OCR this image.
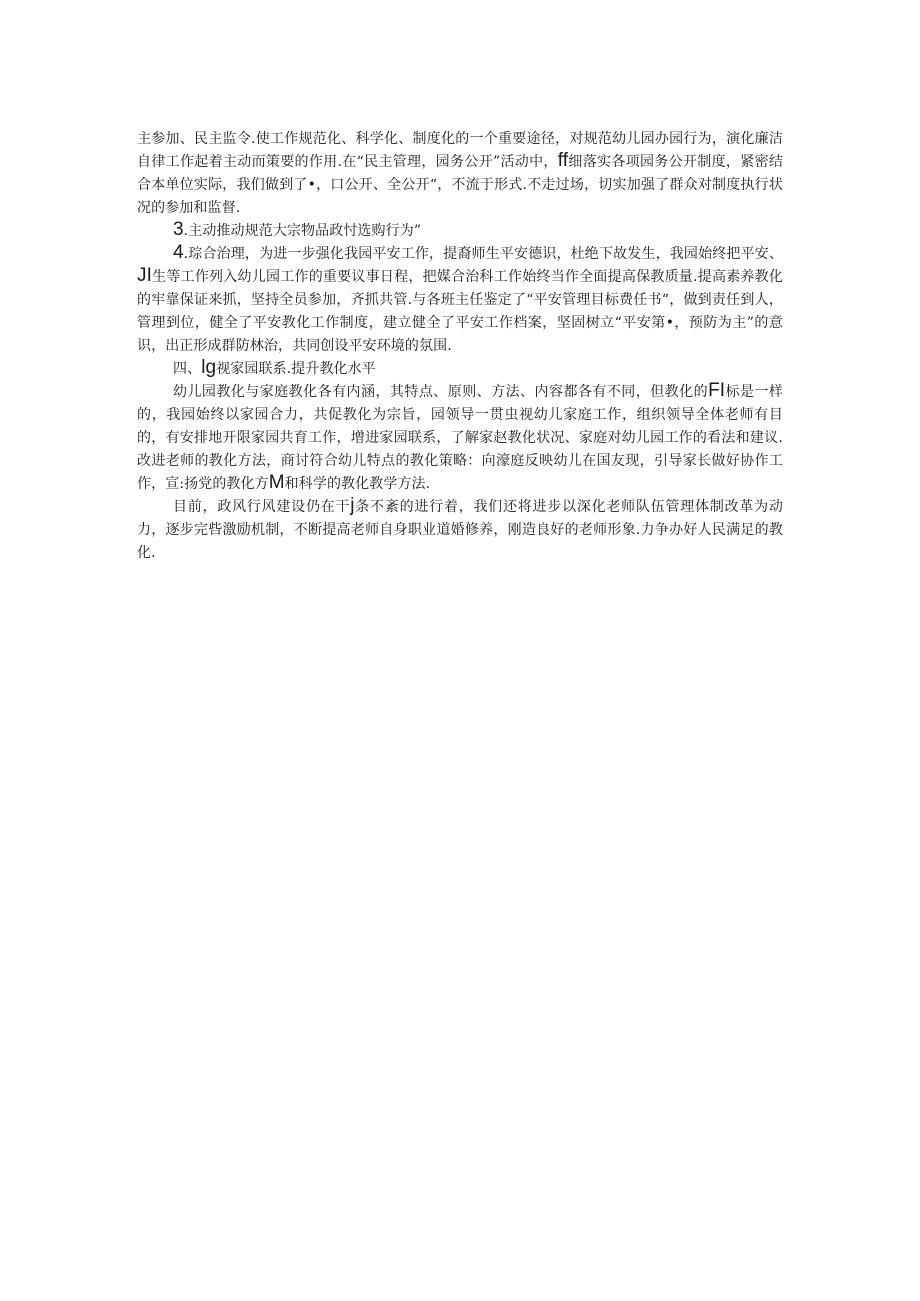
主参加、民主监令.使工作规范化、科学化、制度化的一个重要途径，对规范幼儿园办园行为，演化廉洁自律工作起着主动而策要的作用.在“民主管理，园务公开”活动中，ff细落实各项园务公开制度，紧密结合本单位实际，我们做到了•，口公开、全公开“，不流于形式.不走过场，切实加强了群众对制度执行状况的参加和监督.

3.主动推动规范大宗物品政忖选购行为”

4.琮合治理，为进一步强化我园平安工作，提裔师生平安德识，杜绝下故发生，我园始终把平安、JI生等工作列入幼儿园工作的重要议事日程，把媒合治科工作始终当作全面提高保教质量.提高素养教化的牢靠保证来抓，坚持全员参加，齐抓共管.与各班主任鉴定了“平安管理目标费任书“，做到责任到人，管理到位，健全了平安教化工作制度，建立健全了平安工作档案，坚固树立“平安第•，预防为主”的意识，出正形成群防林治，共同创设平安环境的氛围.

四、lg视家园联系.提升教化水平

幼儿园教化与家庭教化各有内涵，其特点、原则、方法、内容都各有不同，但教化的FI标是一样的，我园始终以家园合力，共促教化为宗旨，园领导一贯虫视幼儿家庭工作，组织领导全体老师有目的，有安排地开限家园共育工作，增进家园联系，了解家赵教化状况、家庭对幼儿园工作的看法和建议.改进老师的教化方法，商讨符合幼儿特点的教化策略：向濠庭反映幼儿在国友现，引导家长做好协作工作，宣:扬党的教化方M和科学的教化教学方法.

目前，政风行风建设仍在干j条不紊的进行着，我们还将进步以深化老师队伍管理体制改革为动力，逐步完呰激励机制，不断提高老师自身职业道婚修养，刚造良好的老师形象.力争办好人民满足的教化.
